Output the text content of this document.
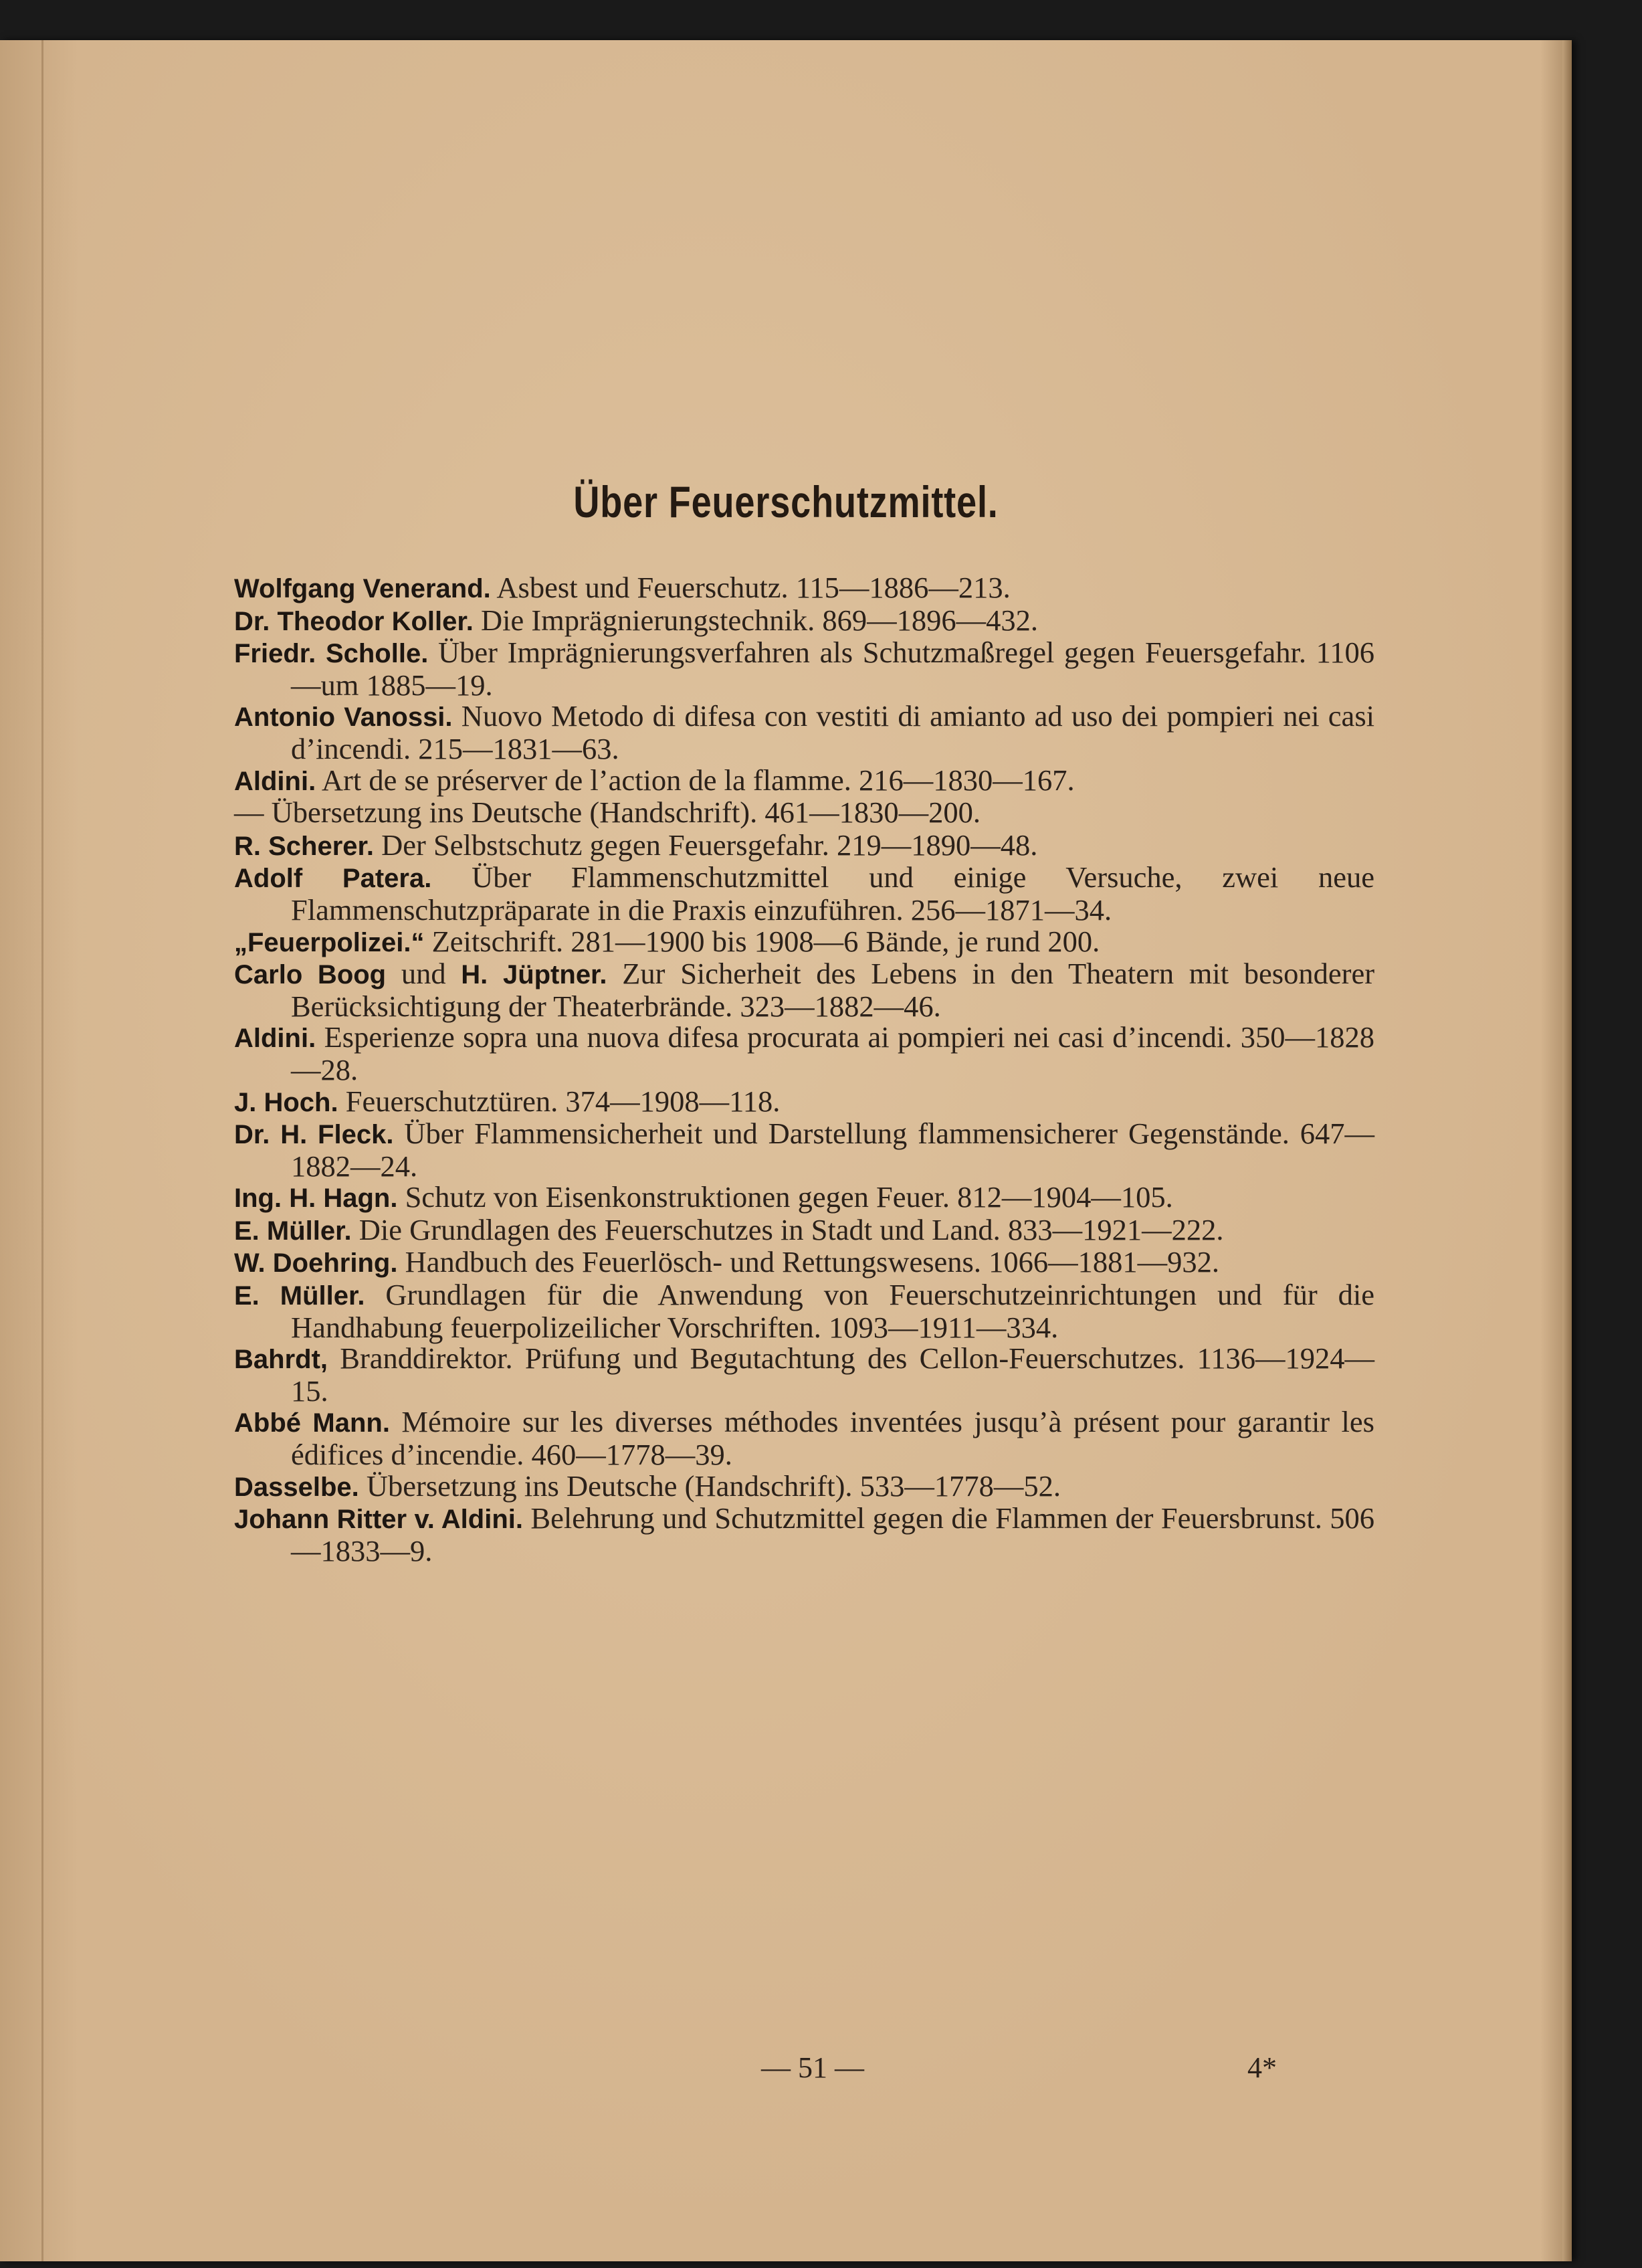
Über Feuerschutzmittel.
Wolfgang Venerand. Asbest und Feuerschutz. 115—1886—213.
Dr. Theodor Koller. Die Imprägnierungstechnik. 869—1896—432.
Friedr. Scholle. Über Imprägnierungsverfahren als Schutzmaßregel gegen Feuersgefahr. 1106—um 1885—19.
Antonio Vanossi. Nuovo Metodo di difesa con vestiti di amianto ad uso dei pompieri nei casi d’incendi. 215—1831—63.
Aldini. Art de se préserver de l’action de la flamme. 216—1830—167.
— Übersetzung ins Deutsche (Handschrift). 461—1830—200.
R. Scherer. Der Selbstschutz gegen Feuersgefahr. 219—1890—48.
Adolf Patera. Über Flammenschutzmittel und einige Versuche, zwei neue Flammenschutzpräparate in die Praxis einzuführen. 256—1871—34.
„Feuerpolizei.“ Zeitschrift. 281—1900 bis 1908—6 Bände, je rund 200.
Carlo Boog und H. Jüptner. Zur Sicherheit des Lebens in den Theatern mit besonderer Berücksichtigung der Theaterbrände. 323—1882—46.
Aldini. Esperienze sopra una nuova difesa procurata ai pompieri nei casi d’incendi. 350—1828—28.
J. Hoch. Feuerschutztüren. 374—1908—118.
Dr. H. Fleck. Über Flammensicherheit und Darstellung flammensicherer Gegenstände. 647—1882—24.
Ing. H. Hagn. Schutz von Eisenkonstruktionen gegen Feuer. 812—1904—105.
E. Müller. Die Grundlagen des Feuerschutzes in Stadt und Land. 833—1921—222.
W. Doehring. Handbuch des Feuerlösch- und Rettungswesens. 1066—1881—932.
E. Müller. Grundlagen für die Anwendung von Feuerschutzeinrichtungen und für die Handhabung feuerpolizeilicher Vorschriften. 1093—1911—334.
Bahrdt, Branddirektor. Prüfung und Begutachtung des Cellon-Feuerschutzes. 1136—1924—15.
Abbé Mann. Mémoire sur les diverses méthodes inventées jusqu’à présent pour garantir les édifices d’incendie. 460—1778—39.
Dasselbe. Übersetzung ins Deutsche (Handschrift). 533—1778—52.
Johann Ritter v. Aldini. Belehrung und Schutzmittel gegen die Flammen der Feuersbrunst. 506—1833—9.
— 51 —	4*
